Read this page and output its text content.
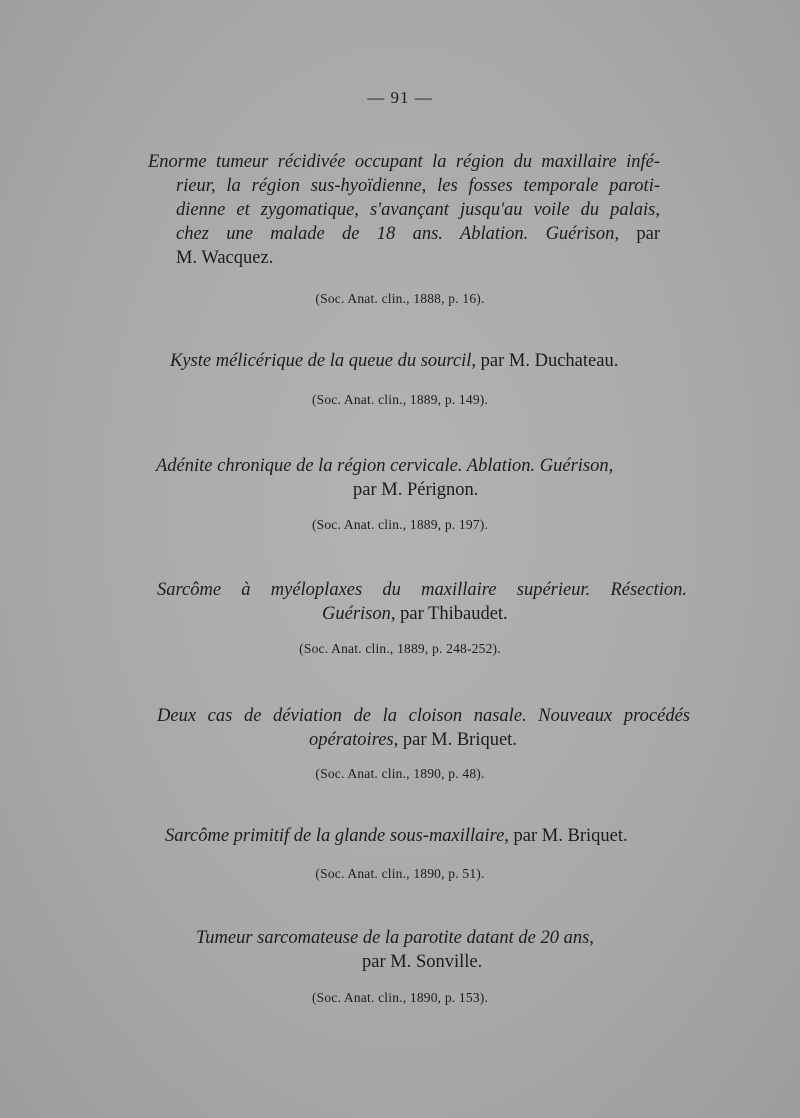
— 91 —
Enorme tumeur récidivée occupant la région du maxillaire infé-
rieur, la région sus-hyoïdienne, les fosses temporale paroti-
dienne et zygomatique, s'avançant jusqu'au voile du palais,
chez une malade de 18 ans. Ablation. Guérison, par
M. Wacquez.
(Soc. Anat. clin., 1888, p. 16).
Kyste mélicérique de la queue du sourcil, par M. Duchateau.
(Soc. Anat. clin., 1889, p. 149).
Adénite chronique de la région cervicale. Ablation. Guérison,
par M. Pérignon.
(Soc. Anat. clin., 1889, p. 197).
Sarcôme à myéloplaxes du maxillaire supérieur. Résection.
Guérison, par Thibaudet.
(Soc. Anat. clin., 1889, p. 248-252).
Deux cas de déviation de la cloison nasale. Nouveaux procédés
opératoires, par M. Briquet.
(Soc. Anat. clin., 1890, p. 48).
Sarcôme primitif de la glande sous-maxillaire, par M. Briquet.
(Soc. Anat. clin., 1890, p. 51).
Tumeur sarcomateuse de la parotite datant de 20 ans,
par M. Sonville.
(Soc. Anat. clin., 1890, p. 153).
